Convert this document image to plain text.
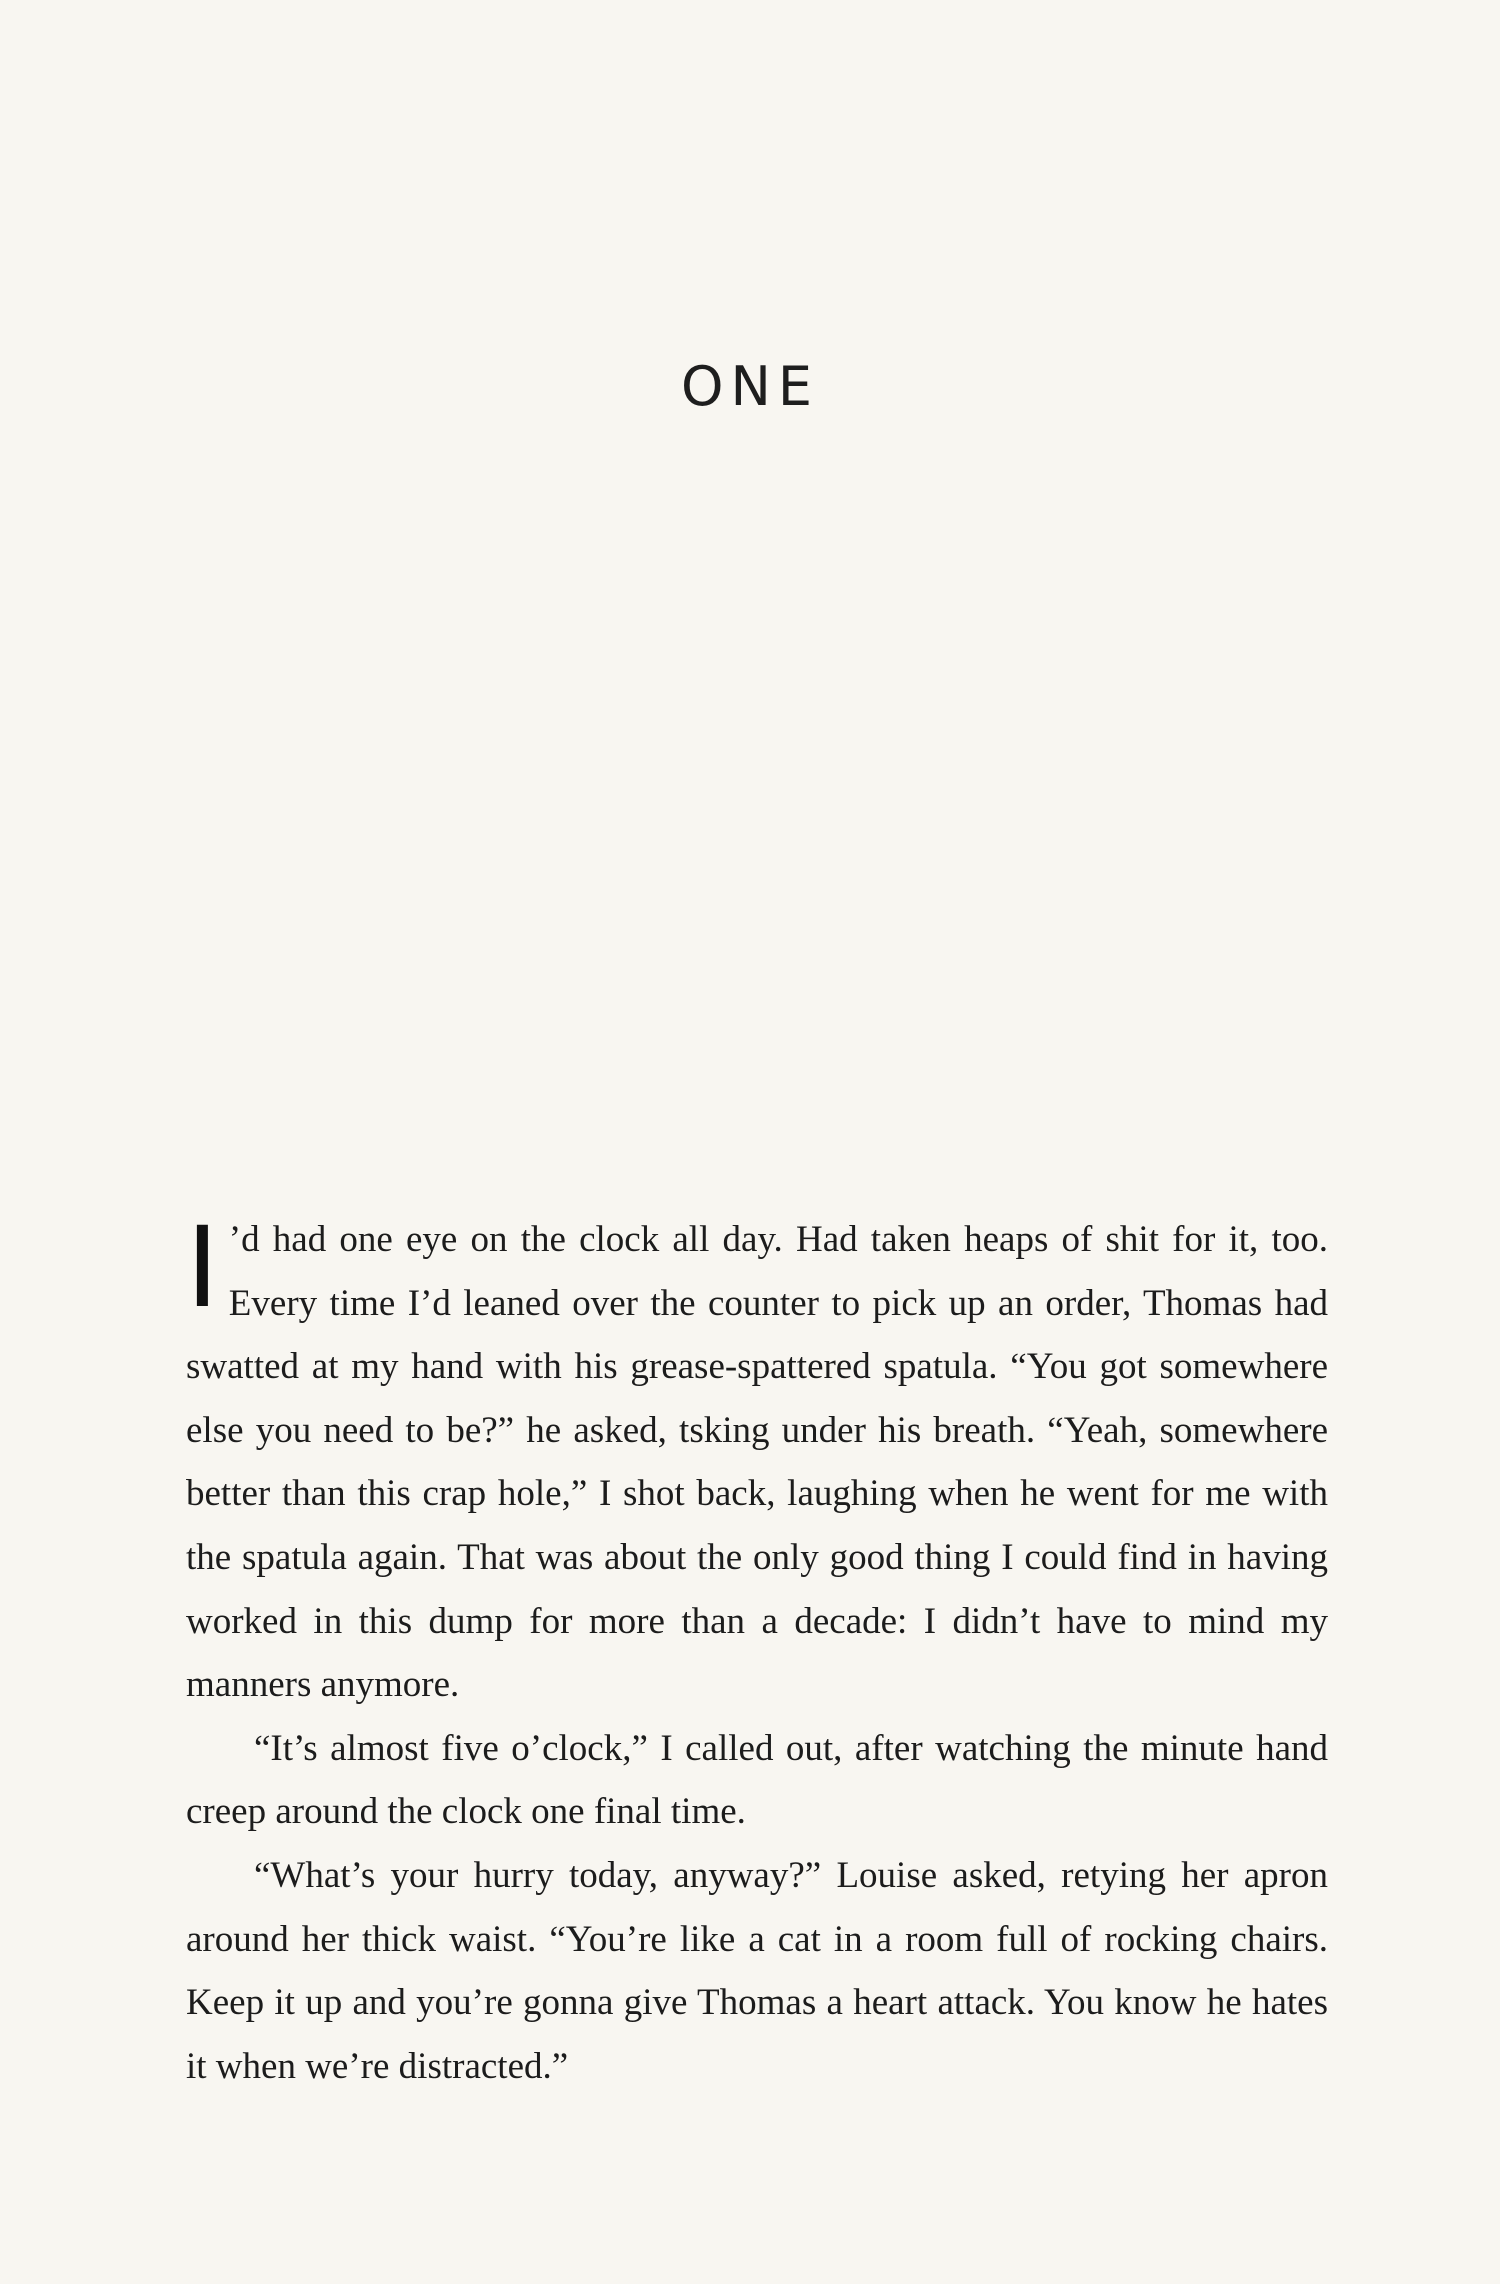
ONE

I ’d had one eye on the clock all day. Had taken heaps of shit for it, too. Every time I’d leaned over the counter to pick up an order, Thomas had swatted at my hand with his grease-spattered spatula. “You got somewhere else you need to be?” he asked, tsking under his breath. “Yeah, somewhere better than this crap hole,” I shot back, laughing when he went for me with the spatula again. That was about the only good thing I could find in having worked in this dump for more than a decade: I didn’t have to mind my manners anymore.

“It’s almost five o’clock,” I called out, after watching the minute hand creep around the clock one final time.

“What’s your hurry today, anyway?” Louise asked, retying her apron around her thick waist. “You’re like a cat in a room full of rocking chairs. Keep it up and you’re gonna give Thomas a heart attack. You know he hates it when we’re distracted.”
